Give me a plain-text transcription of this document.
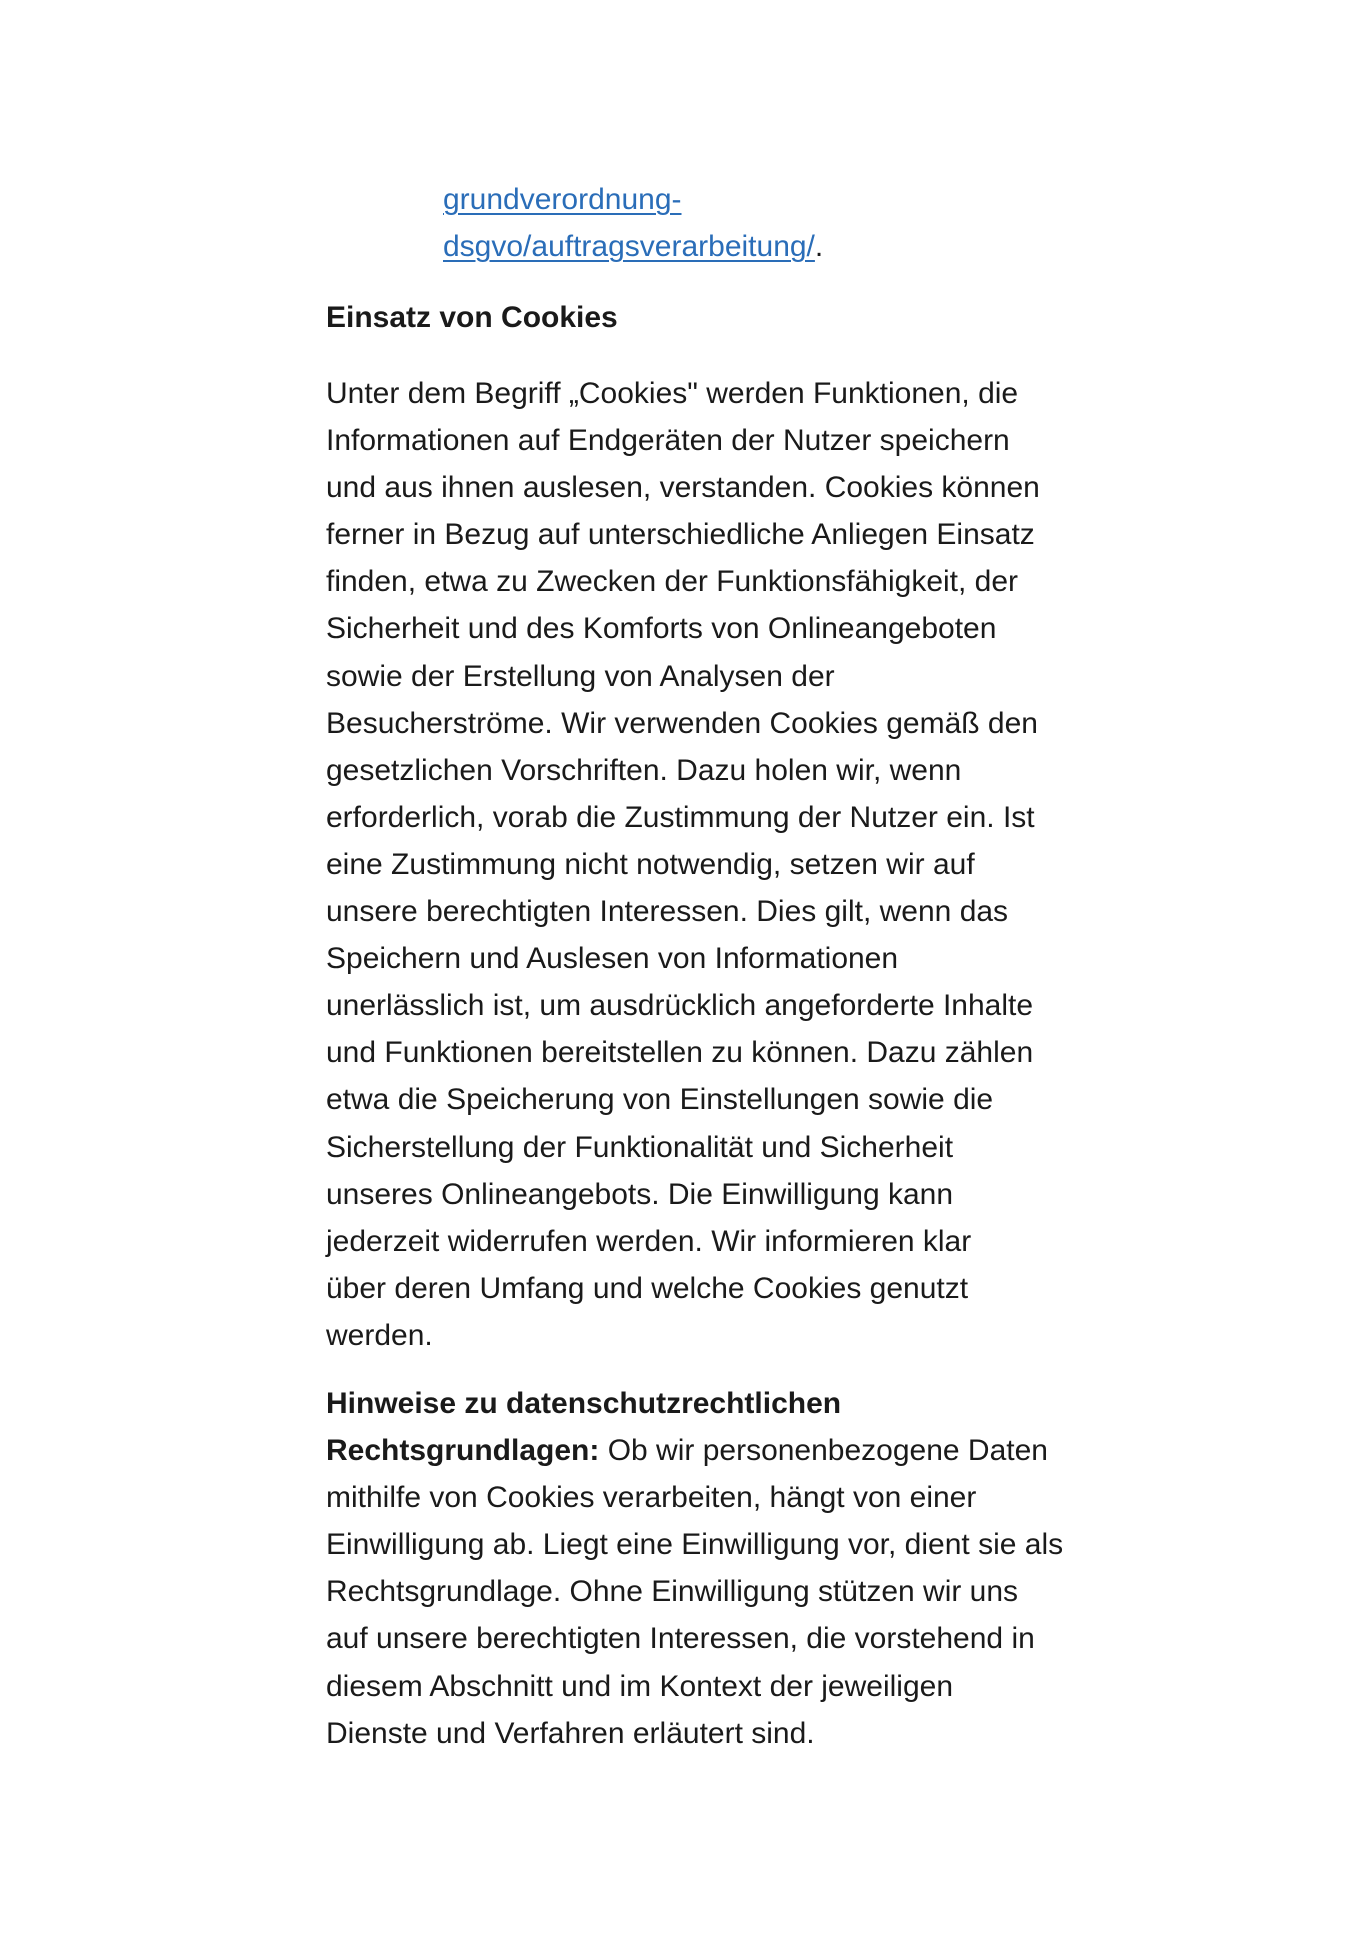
grundverordnung-
dsgvo/auftragsverarbeitung/.
Einsatz von Cookies

Unter dem Begriff „Cookies" werden Funktionen, die
Informationen auf Endgeräten der Nutzer speichern
und aus ihnen auslesen, verstanden. Cookies können
ferner in Bezug auf unterschiedliche Anliegen Einsatz
finden, etwa zu Zwecken der Funktionsfähigkeit, der
Sicherheit und des Komforts von Onlineangeboten
sowie der Erstellung von Analysen der
Besucherströme. Wir verwenden Cookies gemäß den
gesetzlichen Vorschriften. Dazu holen wir, wenn
erforderlich, vorab die Zustimmung der Nutzer ein. Ist
eine Zustimmung nicht notwendig, setzen wir auf
unsere berechtigten Interessen. Dies gilt, wenn das
Speichern und Auslesen von Informationen
unerlässlich ist, um ausdrücklich angeforderte Inhalte
und Funktionen bereitstellen zu können. Dazu zählen
etwa die Speicherung von Einstellungen sowie die
Sicherstellung der Funktionalität und Sicherheit
unseres Onlineangebots. Die Einwilligung kann
jederzeit widerrufen werden. Wir informieren klar
über deren Umfang und welche Cookies genutzt
werden.

Hinweise zu datenschutzrechtlichen
Rechtsgrundlagen: Ob wir personenbezogene Daten
mithilfe von Cookies verarbeiten, hängt von einer
Einwilligung ab. Liegt eine Einwilligung vor, dient sie als
Rechtsgrundlage. Ohne Einwilligung stützen wir uns
auf unsere berechtigten Interessen, die vorstehend in
diesem Abschnitt und im Kontext der jeweiligen
Dienste und Verfahren erläutert sind.
